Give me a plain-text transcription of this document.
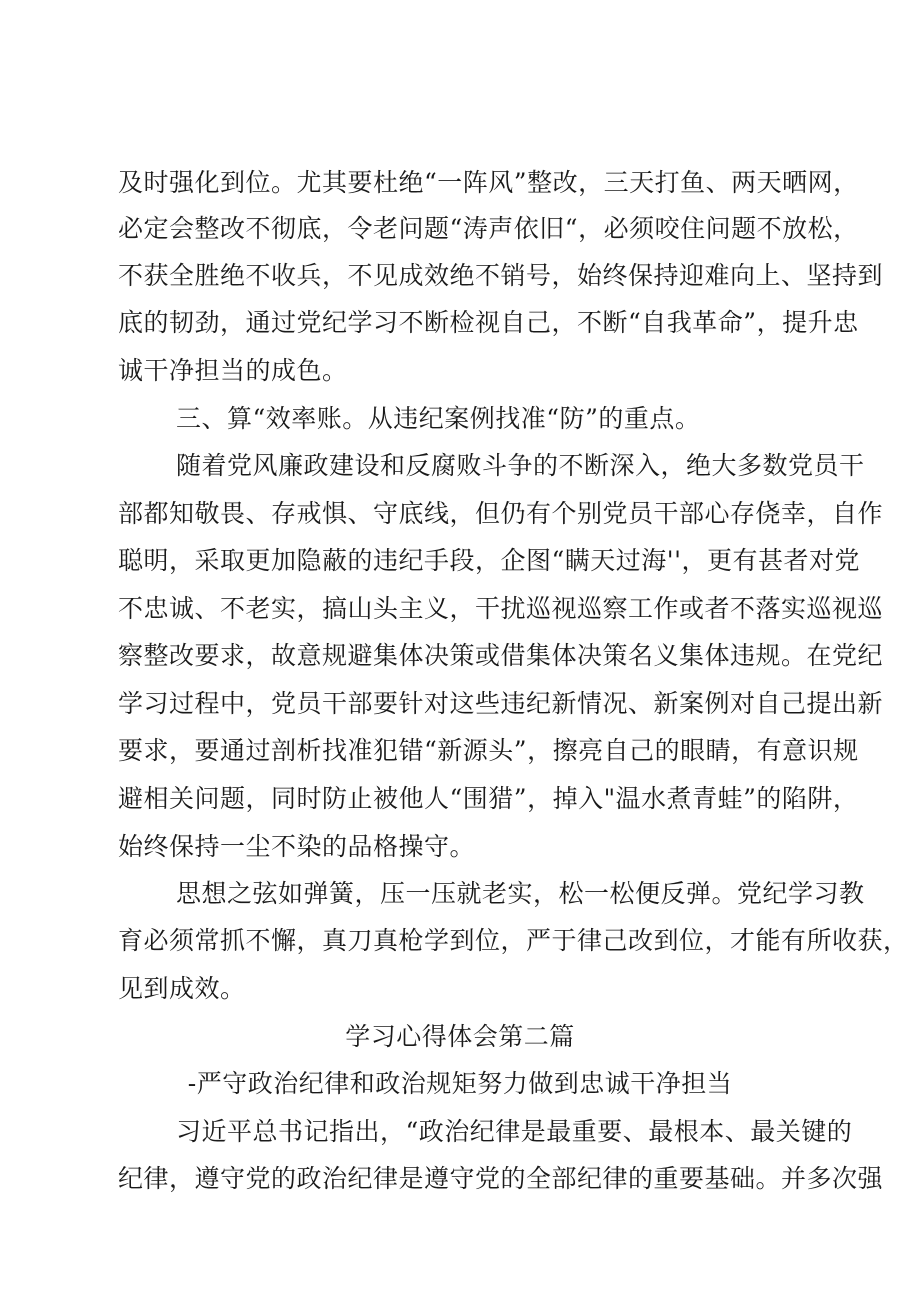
及时强化到位。尤其要杜绝“一阵风”整改，三天打鱼、两天晒网，
必定会整改不彻底，令老问题“涛声依旧“，必须咬住问题不放松，
不获全胜绝不收兵，不见成效绝不销号，始终保持迎难向上、坚持到
底的韧劲，通过党纪学习不断检视自己，不断“自我革命”，提升忠
诚干净担当的成色。
三、算“效率账。从违纪案例找准“防”的重点。
随着党风廉政建设和反腐败斗争的不断深入，绝大多数党员干
部都知敬畏、存戒惧、守底线，但仍有个别党员干部心存侥幸，自作
聪明，采取更加隐蔽的违纪手段，企图“瞒天过海''，更有甚者对党
不忠诚、不老实，搞山头主义，干扰巡视巡察工作或者不落实巡视巡
察整改要求，故意规避集体决策或借集体决策名义集体违规。在党纪
学习过程中，党员干部要针对这些违纪新情况、新案例对自己提出新
要求，要通过剖析找准犯错“新源头”，擦亮自己的眼睛，有意识规
避相关问题，同时防止被他人“围猎”，掉入"温水煮青蛙”的陷阱，
始终保持一尘不染的品格操守。
思想之弦如弹簧，压一压就老实，松一松便反弹。党纪学习教
育必须常抓不懈，真刀真枪学到位，严于律己改到位，才能有所收获，
见到成效。
学习心得体会第二篇
-严守政治纪律和政治规矩努力做到忠诚干净担当
习近平总书记指出，“政治纪律是最重要、最根本、最关键的
纪律，遵守党的政治纪律是遵守党的全部纪律的重要基础。并多次强
